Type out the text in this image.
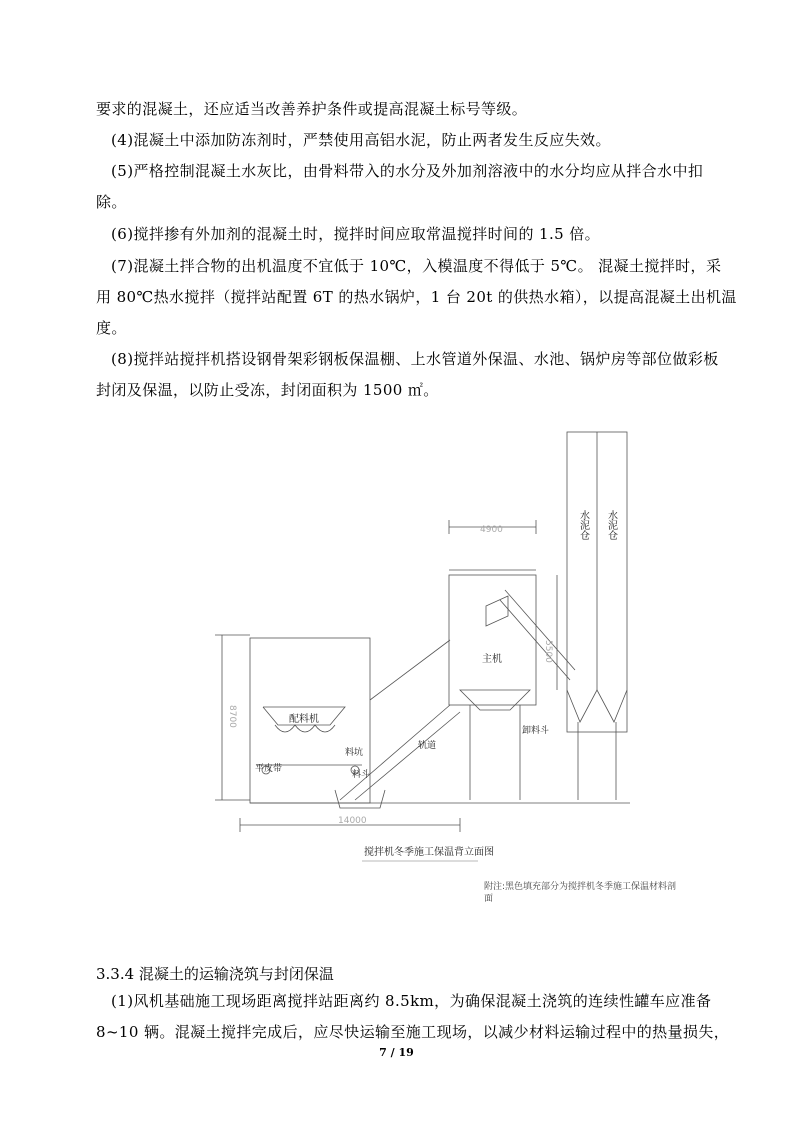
要求的混凝土，还应适当改善养护条件或提高混凝土标号等级。
(4)混凝土中添加防冻剂时，严禁使用高铝水泥，防止两者发生反应失效。
(5)严格控制混凝土水灰比，由骨料带入的水分及外加剂溶液中的水分均应从拌合水中扣
除。
(6)搅拌掺有外加剂的混凝土时，搅拌时间应取常温搅拌时间的 1.5 倍。
(7)混凝土拌合物的出机温度不宜低于 10℃，入模温度不得低于 5℃。 混凝土搅拌时，采
用 80℃热水搅拌（搅拌站配置 6T 的热水锅炉，1 台 20t 的供热水箱），以提高混凝土出机温
度。
(8)搅拌站搅拌机搭设钢骨架彩钢板保温棚、上水管道外保温、水池、锅炉房等部位做彩板
封闭及保温，以防止受冻，封闭面积为 1500 ㎡。
水泥仓 水泥仓
主机
配料机
平皮带
料坑
料斗
轨道
卸料斗
4900
5500
8700
14000
搅拌机冬季施工保温背立面图
附注:黑色填充部分为搅拌机冬季施工保温材料剖
面
3.3.4 混凝土的运输浇筑与封闭保温
(1)风机基础施工现场距离搅拌站距离约 8.5km，为确保混凝土浇筑的连续性罐车应准备
8~10 辆。混凝土搅拌完成后，应尽快运输至施工现场，以减少材料运输过程中的热量损失，
7 / 19
